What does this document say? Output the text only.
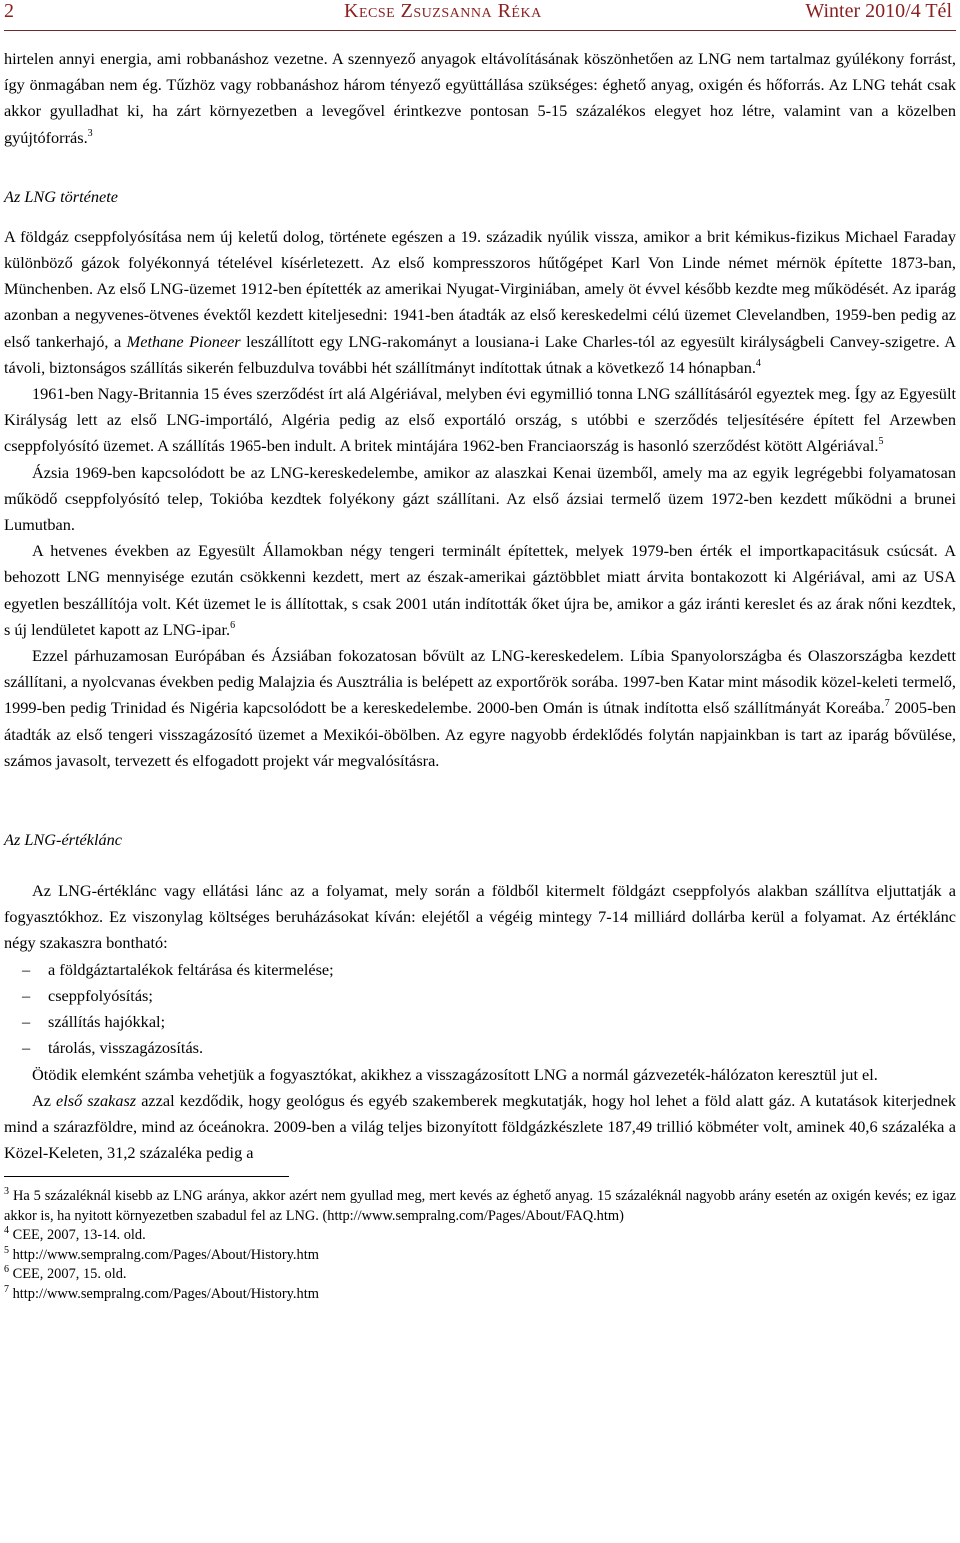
2	Kecse Zsuzsanna Réka	Winter 2010/4 Tél

hirtelen annyi energia, ami robbanáshoz vezetne. A szennyező anyagok eltávolításának köszönhetően az LNG nem tartalmaz gyúlékony forrást, így önmagában nem ég. Tűzhöz vagy robbanáshoz három tényező együttállása szükséges: éghető anyag, oxigén és hőforrás. Az LNG tehát csak akkor gyulladhat ki, ha zárt környezetben a levegővel érintkezve pontosan 5-15 százalékos elegyet hoz létre, valamint van a közelben gyújtóforrás.$^3$

Az LNG története

A földgáz cseppfolyósítása nem új keletű dolog, története egészen a 19. századik nyúlik vissza, amikor a brit kémikus-fizikus Michael Faraday különböző gázok folyékonnyá tételével kísérletezett. Az első kompresszoros hűtőgépet Karl Von Linde német mérnök építette 1873-ban, Münchenben. Az első LNG-üzemet 1912-ben építették az amerikai Nyugat-Virginiában, amely öt évvel később kezdte meg működését. Az iparág azonban a negyvenes-ötvenes évektől kezdett kiteljesedni: 1941-ben átadták az első kereskedelmi célú üzemet Clevelandben, 1959-ben pedig az első tankerhajó, a Methane Pioneer leszállított egy LNG-rakományt a lousiana-i Lake Charles-tól az egyesült királyságbeli Canvey-szigetre. A távoli, biztonságos szállítás sikerén felbuzdulva további hét szállítmányt indítottak útnak a következő 14 hónapban.$^4$

1961-ben Nagy-Britannia 15 éves szerződést írt alá Algériával, melyben évi egymillió tonna LNG szállításáról egyeztek meg. Így az Egyesült Királyság lett az első LNG-importáló, Algéria pedig az első exportáló ország, s utóbbi e szerződés teljesítésére épített fel Arzewben cseppfolyósító üzemet. A szállítás 1965-ben indult. A britek mintájára 1962-ben Franciaország is hasonló szerződést kötött Algériával.$^5$

Ázsia 1969-ben kapcsolódott be az LNG-kereskedelembe, amikor az alaszkai Kenai üzemből, amely ma az egyik legrégebbi folyamatosan működő cseppfolyósító telep, Tokióba kezdtek folyékony gázt szállítani. Az első ázsiai termelő üzem 1972-ben kezdett működni a brunei Lumutban.

A hetvenes években az Egyesült Államokban négy tengeri terminált építettek, melyek 1979-ben érték el importkapacitásuk csúcsát. A behozott LNG mennyisége ezután csökkenni kezdett, mert az észak-amerikai gáztöbblet miatt árvita bontakozott ki Algériával, ami az USA egyetlen beszállítója volt. Két üzemet le is állítottak, s csak 2001 után indították őket újra be, amikor a gáz iránti kereslet és az árak nőni kezdtek, s új lendületet kapott az LNG-ipar.$^6$

Ezzel párhuzamosan Európában és Ázsiában fokozatosan bővült az LNG-kereskedelem. Líbia Spanyolországba és Olaszországba kezdett szállítani, a nyolcvanas években pedig Malajzia és Ausztrália is belépett az exportőrök sorába. 1997-ben Katar mint második közel-keleti termelő, 1999-ben pedig Trinidad és Nigéria kapcsolódott be a kereskedelembe. 2000-ben Omán is útnak indította első szállítmányát Koreába.$^7$ 2005-ben átadták az első tengeri visszagázosító üzemet a Mexikói-öbölben. Az egyre nagyobb érdeklődés folytán napjainkban is tart az iparág bővülése, számos javasolt, tervezett és elfogadott projekt vár megvalósításra.

Az LNG-értéklánc

Az LNG-értéklánc vagy ellátási lánc az a folyamat, mely során a földből kitermelt földgázt cseppfolyós alakban szállítva eljuttatják a fogyasztókhoz. Ez viszonylag költséges beruházásokat kíván: elejétől a végéig mintegy 7-14 milliárd dollárba kerül a folyamat. Az értéklánc négy szakaszra bontható:

– a földgáztartalékok feltárása és kitermelése;
– cseppfolyósítás;
– szállítás hajókkal;
– tárolás, visszagázosítás.

Ötödik elemként számba vehetjük a fogyasztókat, akikhez a visszagázosított LNG a normál gázvezeték-hálózaton keresztül jut el.

Az első szakasz azzal kezdődik, hogy geológus és egyéb szakemberek megkutatják, hogy hol lehet a föld alatt gáz. A kutatások kiterjednek mind a szárazföldre, mind az óceánokra. 2009-ben a világ teljes bizonyított földgázkészlete 187,49 trillió köbméter volt, aminek 40,6 százaléka a Közel-Keleten, 31,2 százaléka pedig a

$^3$ Ha 5 százaléknál kisebb az LNG aránya, akkor azért nem gyullad meg, mert kevés az éghető anyag. 15 százaléknál nagyobb arány esetén az oxigén kevés; ez igaz akkor is, ha nyitott környezetben szabadul fel az LNG. (http://www.sempralng.com/Pages/About/FAQ.htm)
$^4$ CEE, 2007, 13-14. old.
$^5$ http://www.sempralng.com/Pages/About/History.htm
$^6$ CEE, 2007, 15. old.
$^7$ http://www.sempralng.com/Pages/About/History.htm
